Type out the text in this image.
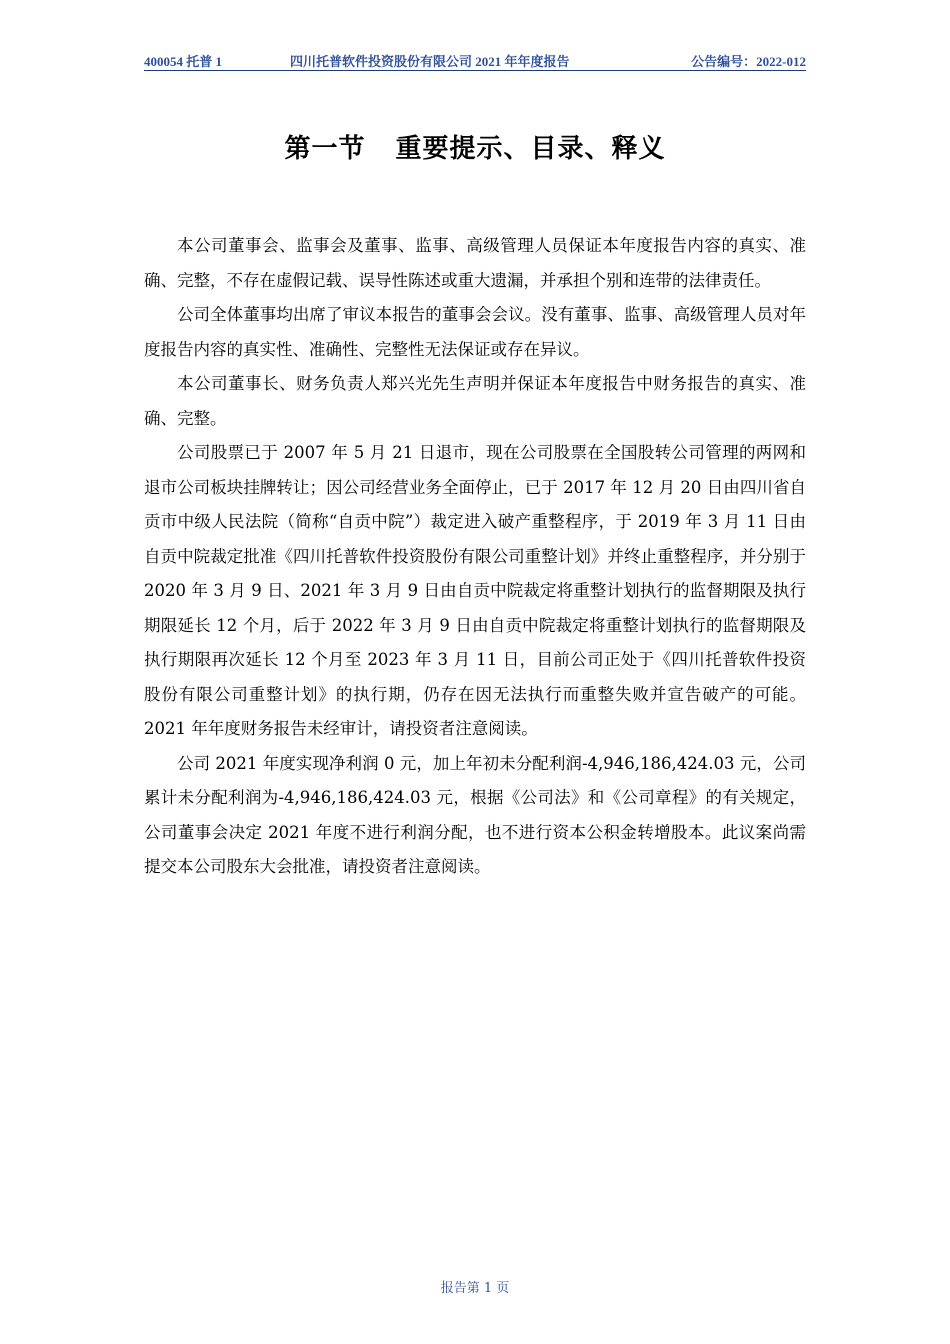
400054 托普 1	四川托普软件投资股份有限公司 2021 年年度报告	公告编号：2022-012
第一节 重要提示、目录、释义

本公司董事会、监事会及董事、监事、高级管理人员保证本年度报告内容的真实、准确、完整，不存在虚假记载、误导性陈述或重大遗漏，并承担个别和连带的法律责任。

公司全体董事均出席了审议本报告的董事会会议。没有董事、监事、高级管理人员对年度报告内容的真实性、准确性、完整性无法保证或存在异议。

本公司董事长、财务负责人郑兴光先生声明并保证本年度报告中财务报告的真实、准确、完整。

公司股票已于 2007 年 5 月 21 日退市，现在公司股票在全国股转公司管理的两网和退市公司板块挂牌转让；因公司经营业务全面停止，已于 2017 年 12 月 20 日由四川省自贡市中级人民法院（简称“自贡中院”）裁定进入破产重整程序，于 2019 年 3 月 11 日由自贡中院裁定批准《四川托普软件投资股份有限公司重整计划》并终止重整程序，并分别于 2020 年 3 月 9 日、2021 年 3 月 9 日由自贡中院裁定将重整计划执行的监督期限及执行期限延长 12 个月，后于 2022 年 3 月 9 日由自贡中院裁定将重整计划执行的监督期限及执行期限再次延长 12 个月至 2023 年 3 月 11 日，目前公司正处于《四川托普软件投资股份有限公司重整计划》的执行期，仍存在因无法执行而重整失败并宣告破产的可能。2021 年年度财务报告未经审计，请投资者注意阅读。

公司 2021 年度实现净利润 0 元，加上年初未分配利润-4,946,186,424.03 元，公司累计未分配利润为-4,946,186,424.03 元，根据《公司法》和《公司章程》的有关规定，公司董事会决定 2021 年度不进行利润分配，也不进行资本公积金转增股本。此议案尚需提交本公司股东大会批准，请投资者注意阅读。

报告第 1 页
